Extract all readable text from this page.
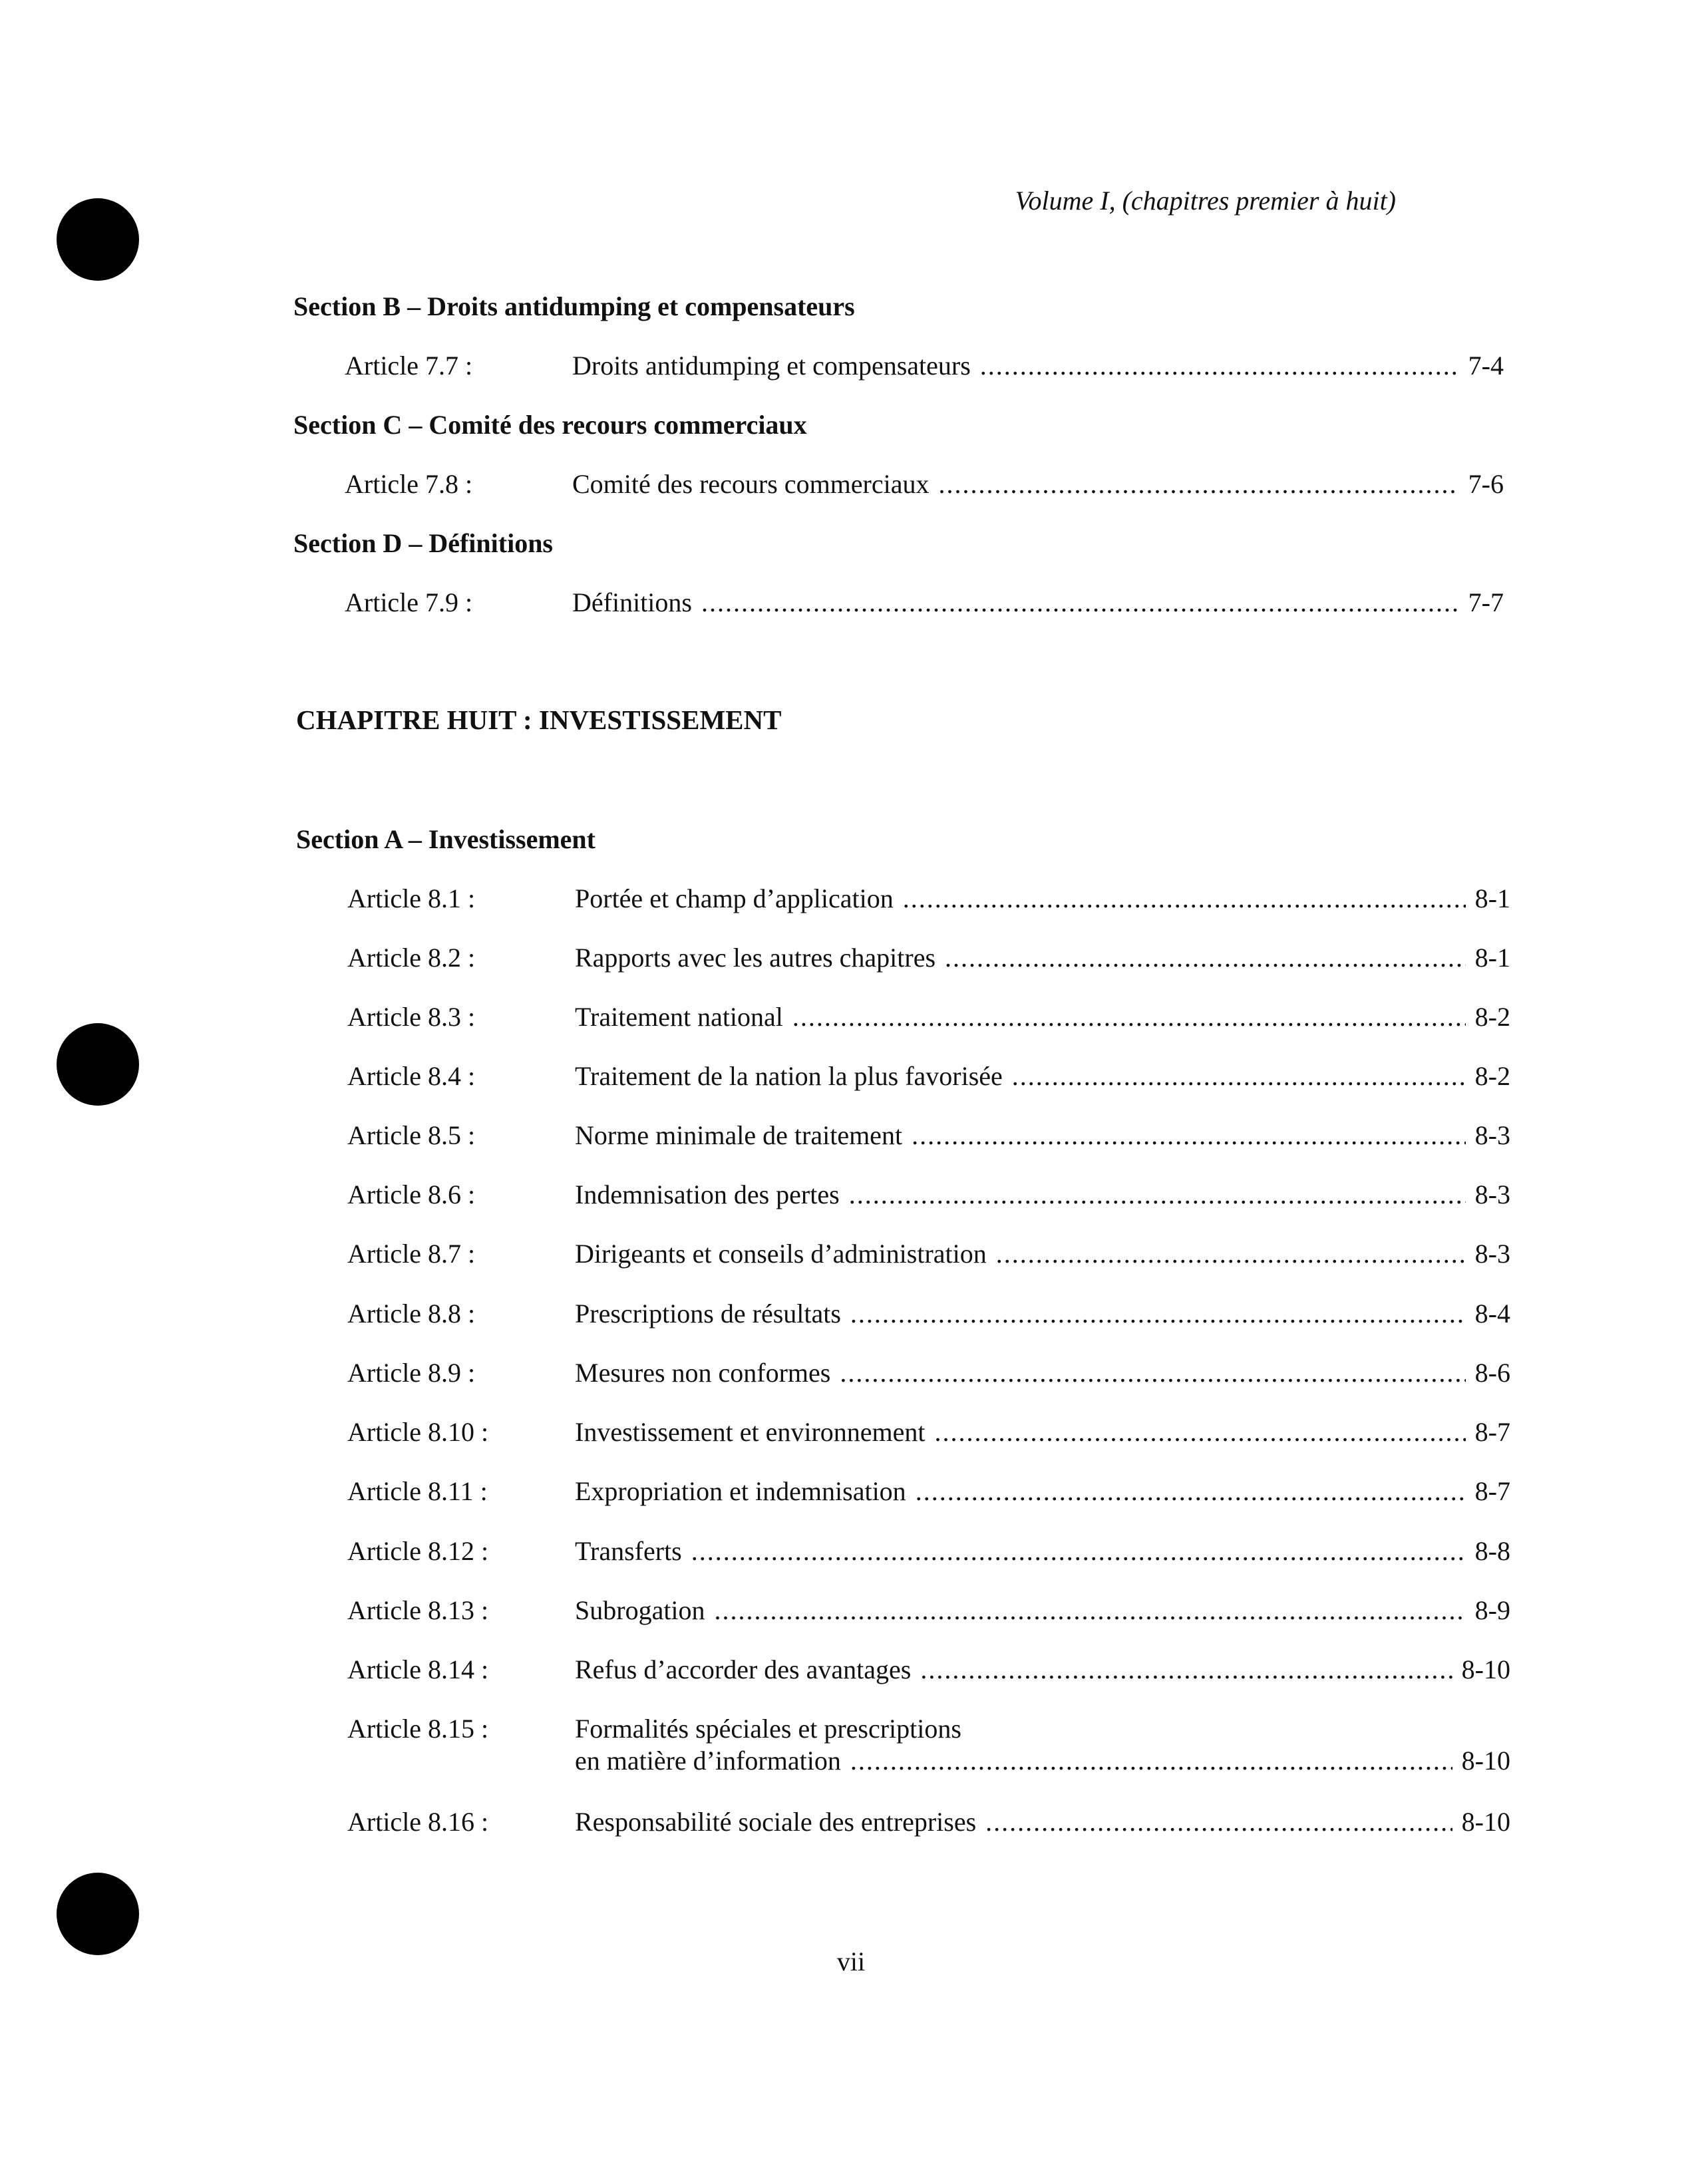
Volume I, (chapitres premier à huit)
Section B – Droits antidumping et compensateurs
Article 7.7 :	Droits antidumping et compensateurs .....	7-4
Section C – Comité des recours commerciaux
Article 7.8 :	Comité des recours commerciaux .....	7-6
Section D – Définitions
Article 7.9 :	Définitions .....	7-7
CHAPITRE HUIT : INVESTISSEMENT
Section A – Investissement
Article 8.1 :	Portée et champ d’application .....	8-1
Article 8.2 :	Rapports avec les autres chapitres .....	8-1
Article 8.3 :	Traitement national .....	8-2
Article 8.4 :	Traitement de la nation la plus favorisée .....	8-2
Article 8.5 :	Norme minimale de traitement .....	8-3
Article 8.6 :	Indemnisation des pertes .....	8-3
Article 8.7 :	Dirigeants et conseils d’administration .....	8-3
Article 8.8 :	Prescriptions de résultats .....	8-4
Article 8.9 :	Mesures non conformes .....	8-6
Article 8.10 :	Investissement et environnement .....	8-7
Article 8.11 :	Expropriation et indemnisation .....	8-7
Article 8.12 :	Transferts .....	8-8
Article 8.13 :	Subrogation .....	8-9
Article 8.14 :	Refus d’accorder des avantages .....	8-10
Article 8.15 :	Formalités spéciales et prescriptions
en matière d’information .....	8-10
Article 8.16 :	Responsabilité sociale des entreprises .....	8-10
vii
